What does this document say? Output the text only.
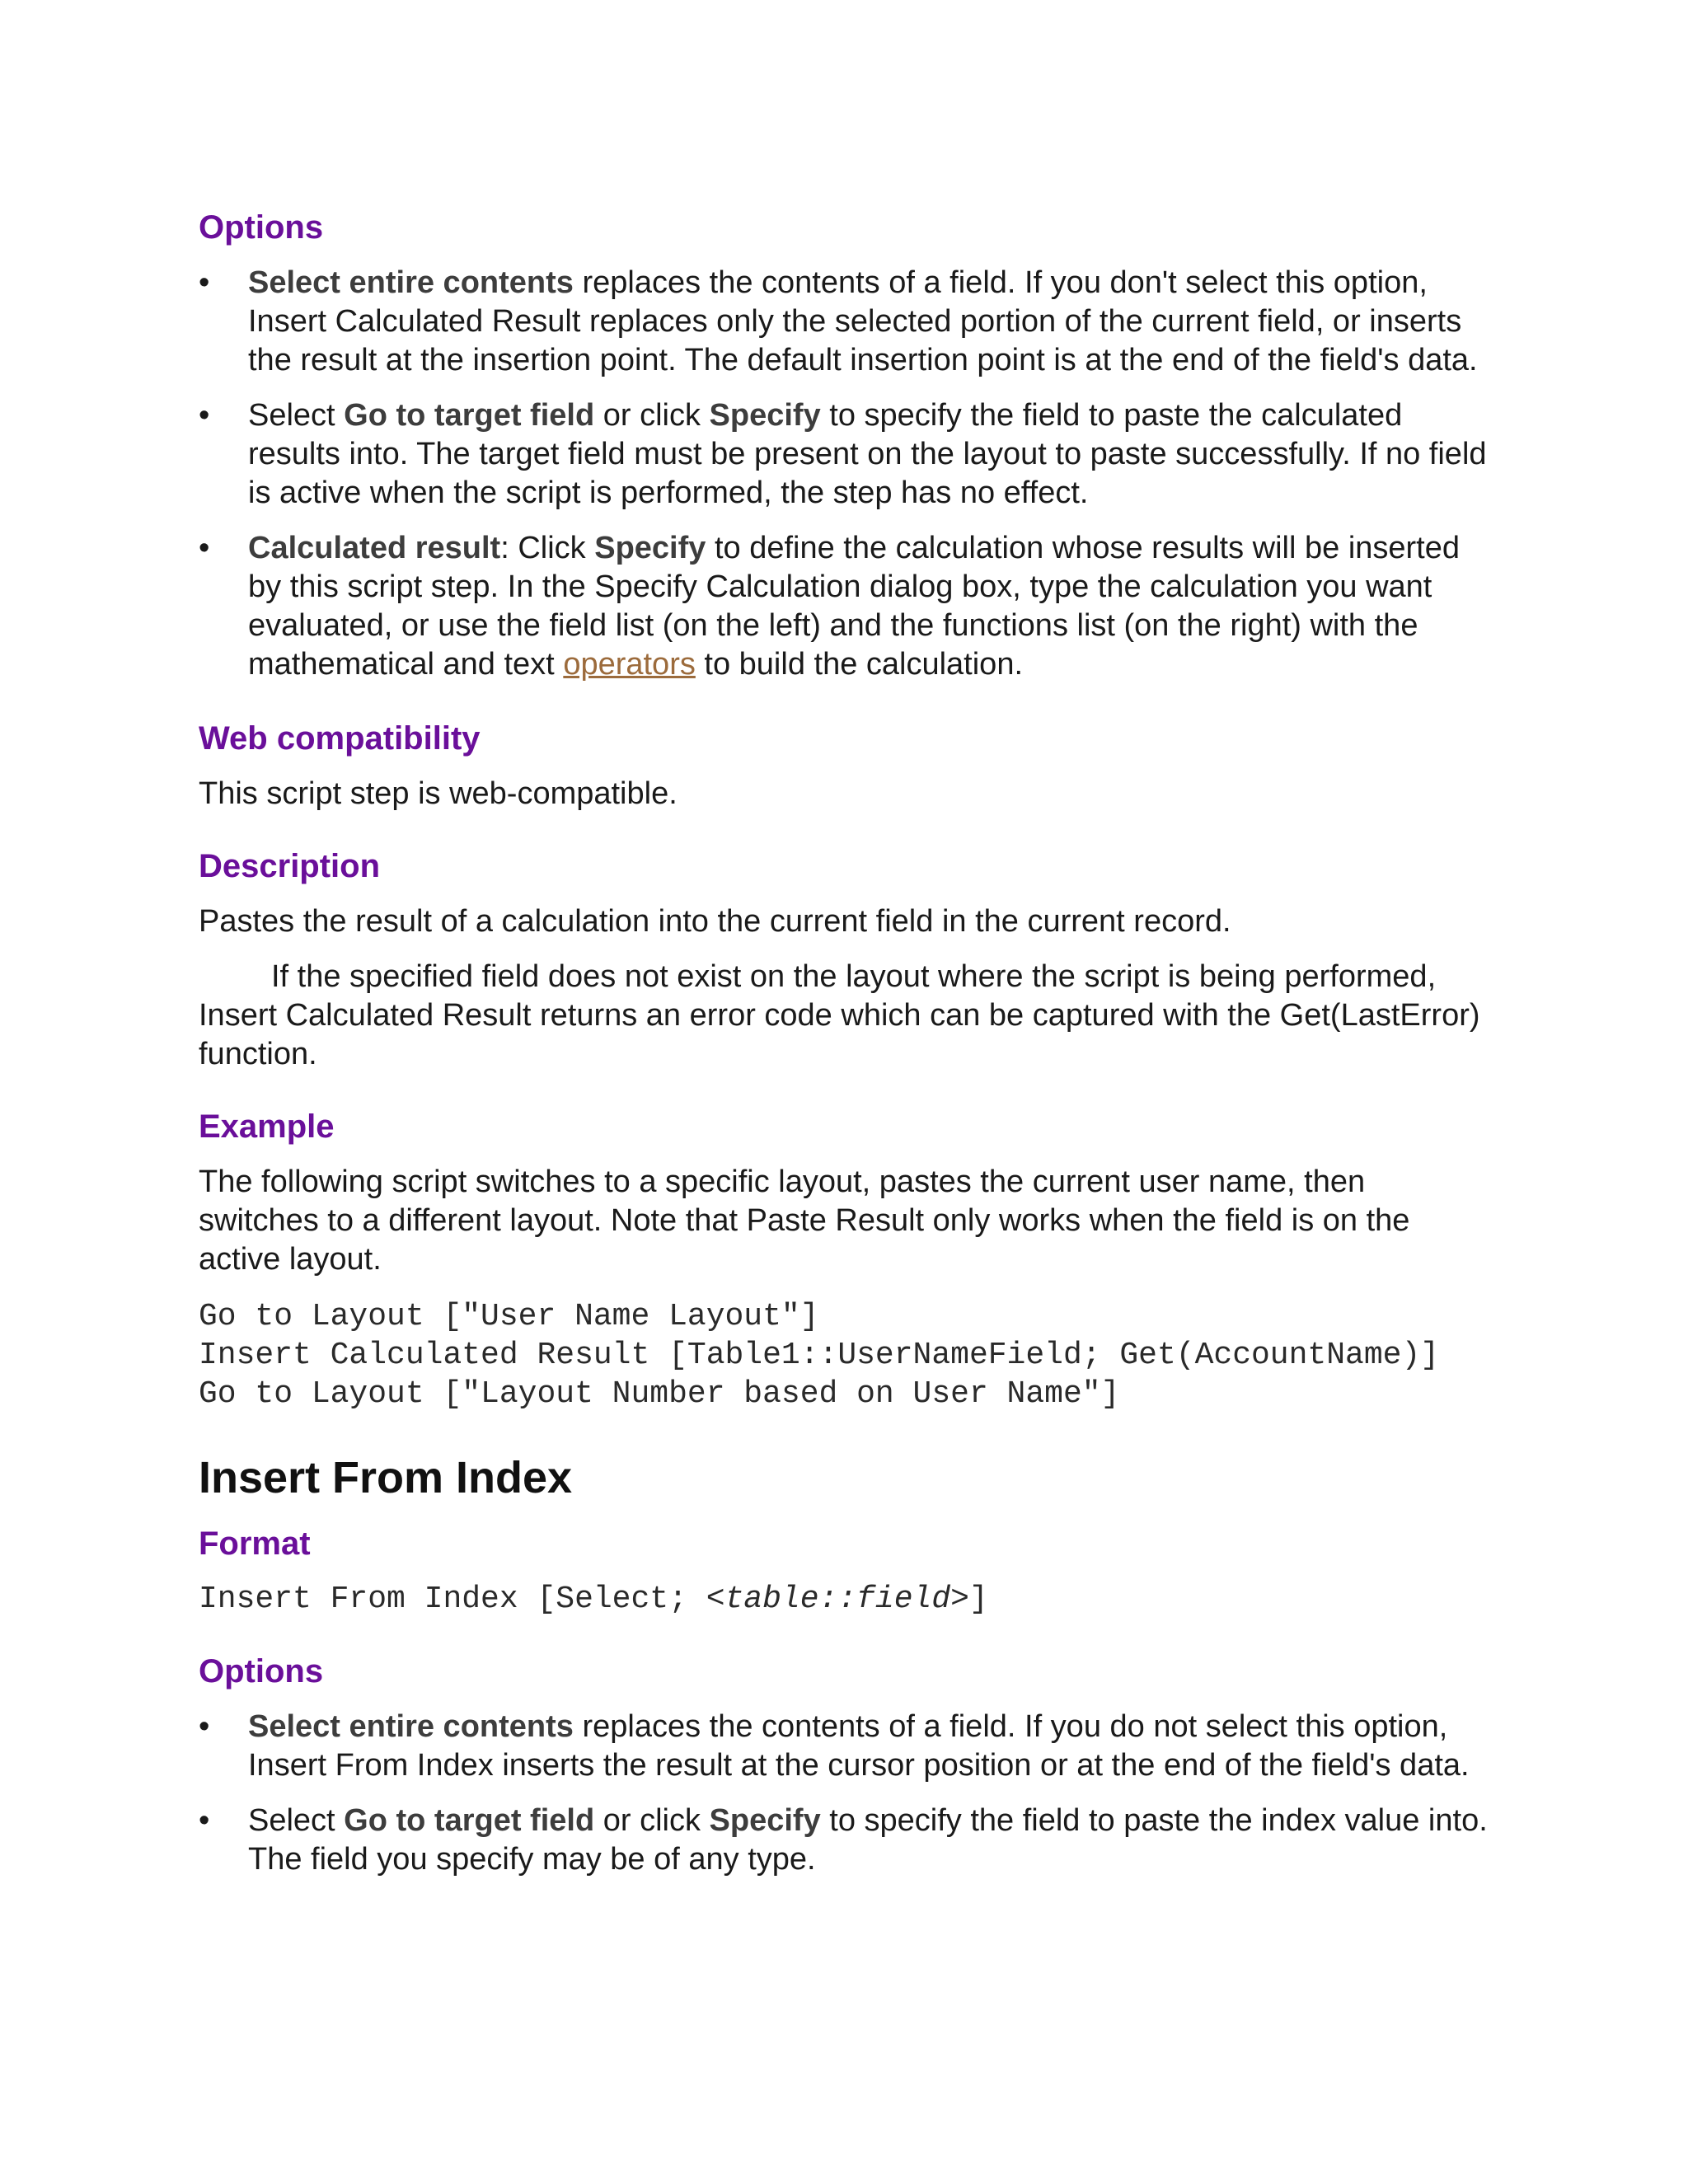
Options
•	Select entire contents replaces the contents of a field. If you don't select this option, Insert Calculated Result replaces only the selected portion of the current field, or inserts the result at the insertion point. The default insertion point is at the end of the field's data.
•	Select Go to target field or click Specify to specify the field to paste the calculated results into. The target field must be present on the layout to paste successfully. If no field is active when the script is performed, the step has no effect.
•	Calculated result: Click Specify to define the calculation whose results will be inserted by this script step. In the Specify Calculation dialog box, type the calculation you want evaluated, or use the field list (on the left) and the functions list (on the right) with the mathematical and text operators to build the calculation.
Web compatibility

This script step is web-compatible.

Description

Pastes the result of a calculation into the current field in the current record.

If the specified field does not exist on the layout where the script is being performed, Insert Calculated Result returns an error code which can be captured with the Get(LastError) function.

Example

The following script switches to a specific layout, pastes the current user name, then switches to a different layout. Note that Paste Result only works when the field is on the active layout.

Go to Layout ["User Name Layout"]

Insert Calculated Result [Table1::UserNameField; Get(AccountName)]

Go to Layout ["Layout Number based on User Name"]

Insert From Index
Format

Insert From Index [Select; <table::field>]

Options
•	Select entire contents replaces the contents of a field. If you do not select this option, Insert From Index inserts the result at the cursor position or at the end of the field's data.
•	Select Go to target field or click Specify to specify the field to paste the index value into. The field you specify may be of any type.
